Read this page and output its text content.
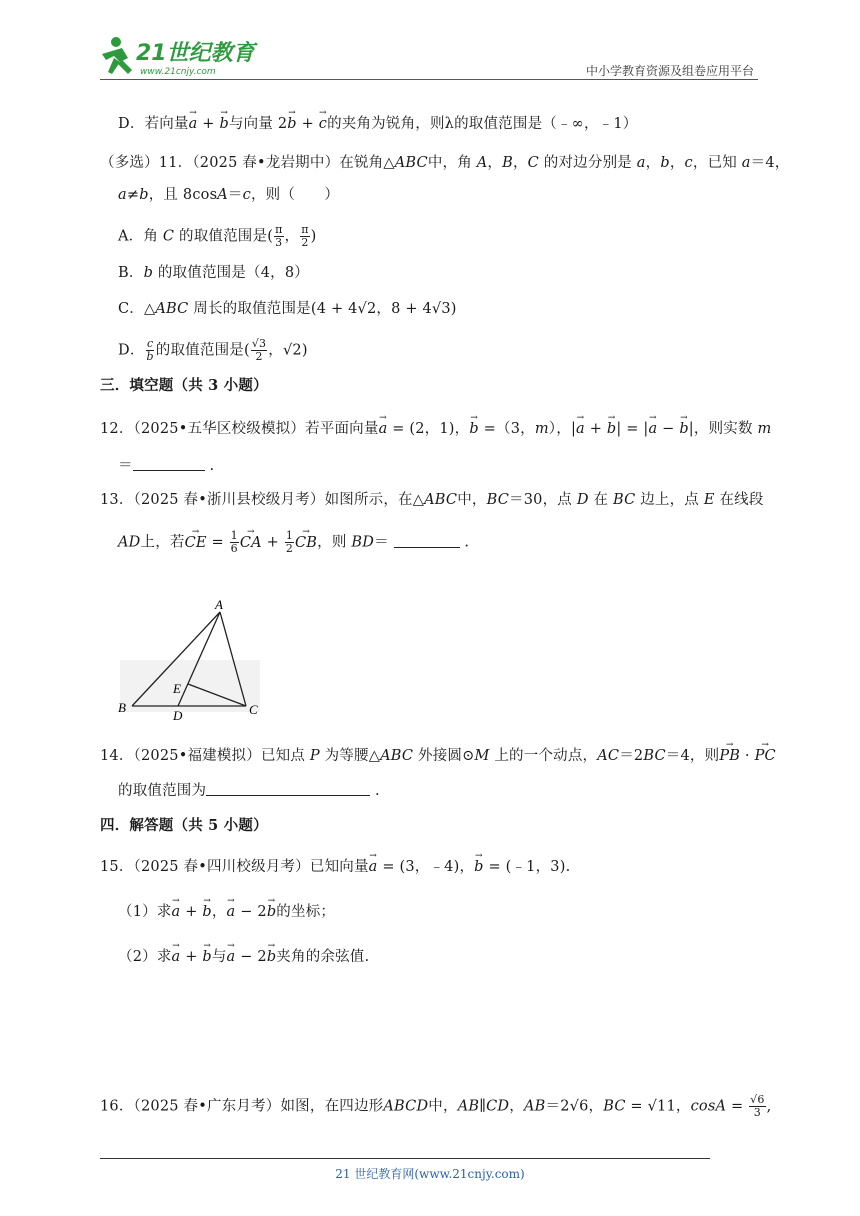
21世纪教育
www.21cnjy.com	中小学教育资源及组卷应用平台
D．若向量→ a + → b与向量 2→ b + → c的夹角为锐角，则λ的取值范围是（﹣∞，﹣1）
（多选）11．（2025 春•龙岩期中）在锐角△ABC中，角 A，B，C 的对边分别是 a，b，c，已知 a＝4，
a≠b，且 8cosA＝c，则（　　）
A．角 C 的取值范围是( $\frac{\pi}{3}$ ， $\frac{\pi}{2}$ )
B．b 的取值范围是（4，8）
C．△ABC 周长的取值范围是(4 + 4√2，8 + 4√3)
D． $\frac{c}{b}$ 的取值范围是( $\frac{√3}{2}$ ，√2)
三．填空题（共 3 小题）
12．（2025•五华区校级模拟）若平面向量→ a = (2，1)，→ b =（3，m），|→ a + → b| = |→ a − → b|，则实数 m
＝	.
13．（2025 春•浙川县校级月考）如图所示，在△ABC中，BC＝30，点 D 在 BC 边上，点 E 在线段
AD上，若→ CE = $\frac{1}{6}$ → CA + $\frac{1}{2}$ → CB，则 BD＝	.
A
B	C
D
E
14．（2025•福建模拟）已知点 P 为等腰△ABC 外接圆⊙M 上的一个动点，AC＝2BC＝4，则→ PB · → PC
的取值范围为	.
四．解答题（共 5 小题）
15．（2025 春•四川校级月考）已知向量→ a = (3，﹣4)，→ b = (﹣1，3).
（1）求→ a + → b，→ a − 2→ b的坐标；
（2）求→ a + → b与→ a − 2→ b夹角的余弦值.
16．（2025 春•广东月考）如图，在四边形ABCD中，AB∥CD，AB＝2√6，BC = √11，$\cos A = \frac{√6}{3}$ ,
21 世纪教育网(www.21cnjy.com)
